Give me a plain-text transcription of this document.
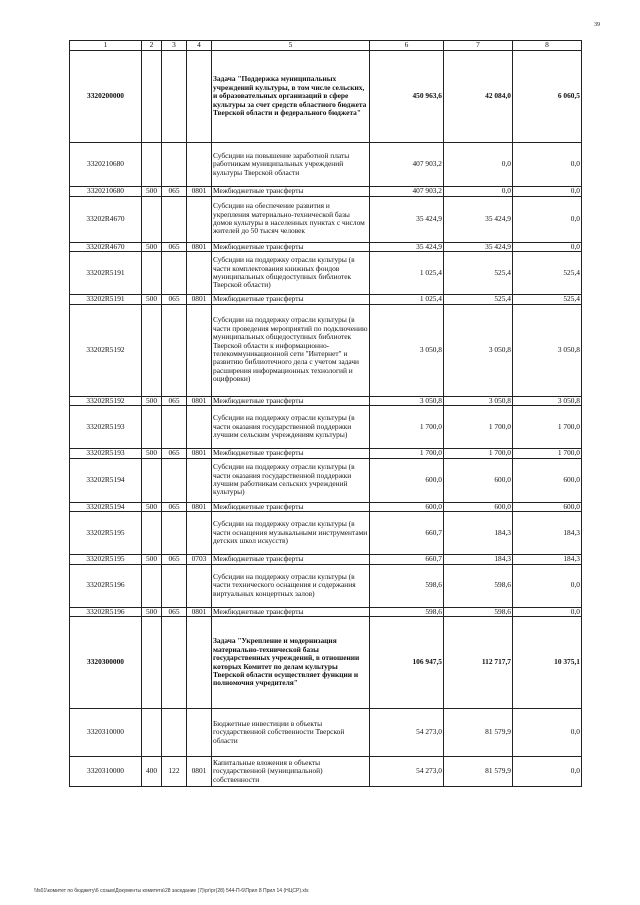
39
1	2	3	4	5	6	7	8
3320200000				Задача "Поддержка муниципальных учреждений культуры, в том числе сельских, и образовательных организаций в сфере культуры за счет средств областного бюджета Тверской области и федерального бюджета"	450 963,6	42 084,0	6 060,5
3320210680				Субсидии на повышение заработной платы работникам муниципальных учреждений культуры Тверской области	407 903,2	0,0	0,0
3320210680	500	065	0801	Межбюджетные трансферты	407 903,2	0,0	0,0
33202R4670				Субсидии на обеспечение развития и укрепления материально-технической базы домов культуры в населенных пунктах с числом жителей до 50 тысяч человек	35 424,9	35 424,9	0,0
33202R4670	500	065	0801	Межбюджетные трансферты	35 424,9	35 424,9	0,0
33202R5191				Субсидии на поддержку отрасли культуры (в части комплектования книжных фондов муниципальных общедоступных библиотек Тверской области)	1 025,4	525,4	525,4
33202R5191	500	065	0801	Межбюджетные трансферты	1 025,4	525,4	525,4
33202R5192				Субсидии на поддержку отрасли культуры (в части проведения мероприятий по подключению муниципальных общедоступных библиотек Тверской области к информационно-телекоммуникационной сети "Интернет" и развитию библиотечного дела с учетом задачи расширения информационных технологий и оцифровки)	3 050,8	3 050,8	3 050,8
33202R5192	500	065	0801	Межбюджетные трансферты	3 050,8	3 050,8	3 050,8
33202R5193				Субсидии на поддержку отрасли культуры (в части оказания государственной поддержки лучшим сельским учреждениям культуры)	1 700,0	1 700,0	1 700,0
33202R5193	500	065	0801	Межбюджетные трансферты	1 700,0	1 700,0	1 700,0
33202R5194				Субсидии на поддержку отрасли культуры (в части оказания государственной поддержки лучшим работникам сельских учреждений культуры)	600,0	600,0	600,0
33202R5194	500	065	0801	Межбюджетные трансферты	600,0	600,0	600,0
33202R5195				Субсидии на поддержку отрасли культуры (в части оснащения музыкальными инструментами детских школ искусств)	660,7	184,3	184,3
33202R5195	500	065	0703	Межбюджетные трансферты	660,7	184,3	184,3
33202R5196				Субсидии на поддержку отрасли культуры (в части технического оснащения и содержания виртуальных концертных залов)	598,6	598,6	0,0
33202R5196	500	065	0801	Межбюджетные трансферты	598,6	598,6	0,0
3320300000				Задача "Укрепление и модернизация материально-технической базы государственных учреждений, в отношении которых Комитет по делам культуры Тверской области осуществляет функции и полномочия учредителя"	106 947,5	112 717,7	10 375,1
3320310000				Бюджетные инвестиции в объекты государственной собственности Тверской области	54 273,0	81 579,9	0,0
3320310000	400	122	0801	Капитальные вложения в объекты государственной (муниципальной) собственности	54 273,0	81 579,9	0,0
\\fs01\комитет по бюджету\6 созыв\Документы комитета\28 заседание (7)\рг\рг(28) 544-П-6\Прил 8 Прил 14 (НЦСР).xls
